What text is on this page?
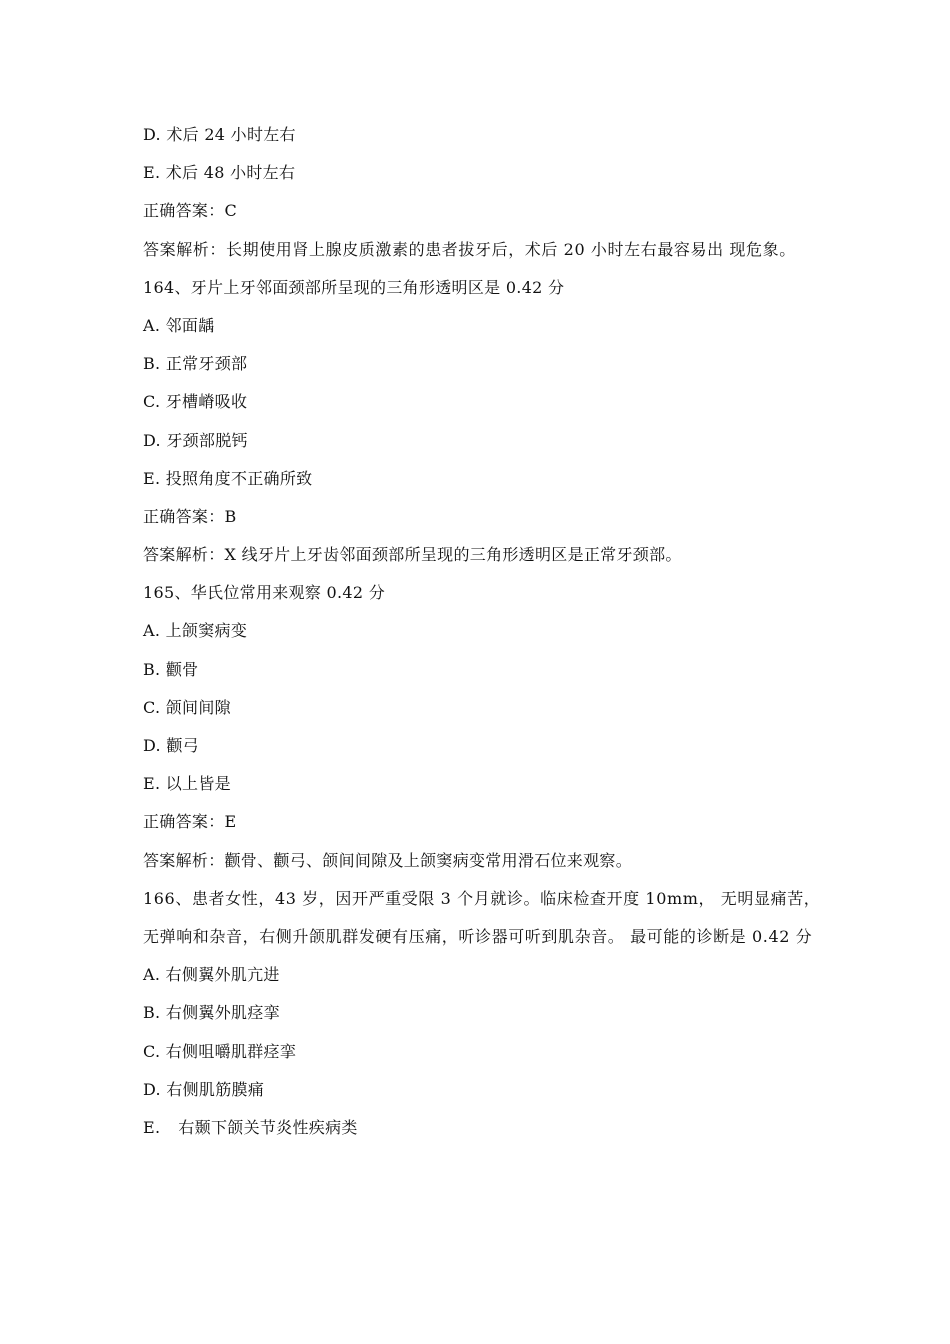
D. 术后 24 小时左右
E. 术后 48 小时左右
正确答案：C
答案解析：长期使用肾上腺皮质激素的患者拔牙后，术后 20 小时左右最容易出 现危象。
164、牙片上牙邻面颈部所呈现的三角形透明区是 0.42 分
A. 邻面龋
B. 正常牙颈部
C. 牙槽嵴吸收
D. 牙颈部脱钙
E. 投照角度不正确所致
正确答案：B
答案解析：X 线牙片上牙齿邻面颈部所呈现的三角形透明区是正常牙颈部。
165、华氏位常用来观察 0.42 分
A. 上颌窦病变
B. 颧骨
C. 颌间间隙
D. 颧弓
E. 以上皆是
正确答案：E
答案解析：颧骨、颧弓、颌间间隙及上颌窦病变常用滑石位来观察。
166、患者女性，43 岁，因开严重受限 3 个月就诊。临床检查开度 10mm， 无明显痛苦，无弹响和杂音，右侧升颌肌群发硬有压痛，听诊器可听到肌杂音。 最可能的诊断是 0.42 分
A. 右侧翼外肌亢进
B. 右侧翼外肌痉挛
C. 右侧咀嚼肌群痉挛
D. 右侧肌筋膜痛
E. 右颞下颌关节炎性疾病类
